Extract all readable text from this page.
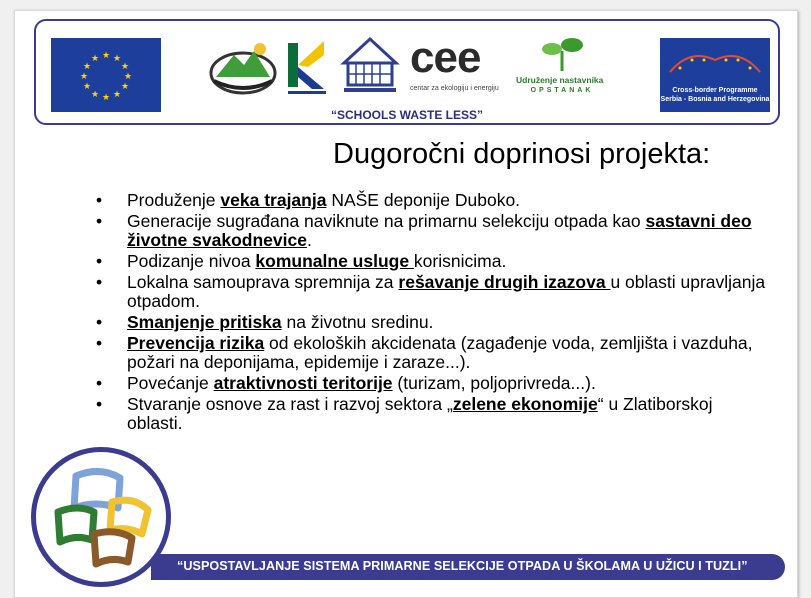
★ ★
★
★
★
★
★
★
★
★
★
★	cee
centar za ekologiju i energiju
Udruženje nastavnika
OPSTANAK	Cross-border Programme
Serbia - Bosnia and Herzegovina
“SCHOOLS WASTE LESS”
Dugoročni doprinosi projekta:
• Produženje veka trajanja NAŠE deponije Duboko.
• Generacije sugrađana naviknute na primarnu selekciju otpada kao sastavni deo životne svakodnevice.
• Podizanje nivoa komunalne usluge korisnicima.
• Lokalna samouprava spremnija za rešavanje drugih izazova u oblasti upravljanja otpadom.
• Smanjenje pritiska na životnu sredinu.
• Prevencija rizika od ekoloških akcidenata (zagađenje voda, zemljišta i vazduha, požari na deponijama, epidemije i zaraze...).
• Povećanje atraktivnosti teritorije (turizam, poljoprivreda...).
• Stvaranje osnove za rast i razvoj sektora „zelene ekonomije“ u Zlatiborskoj oblasti.
“USPOSTAVLJANJE SISTEMA PRIMARNE SELEKCIJE OTPADA U ŠKOLAMA U UŽICU I TUZLI”
